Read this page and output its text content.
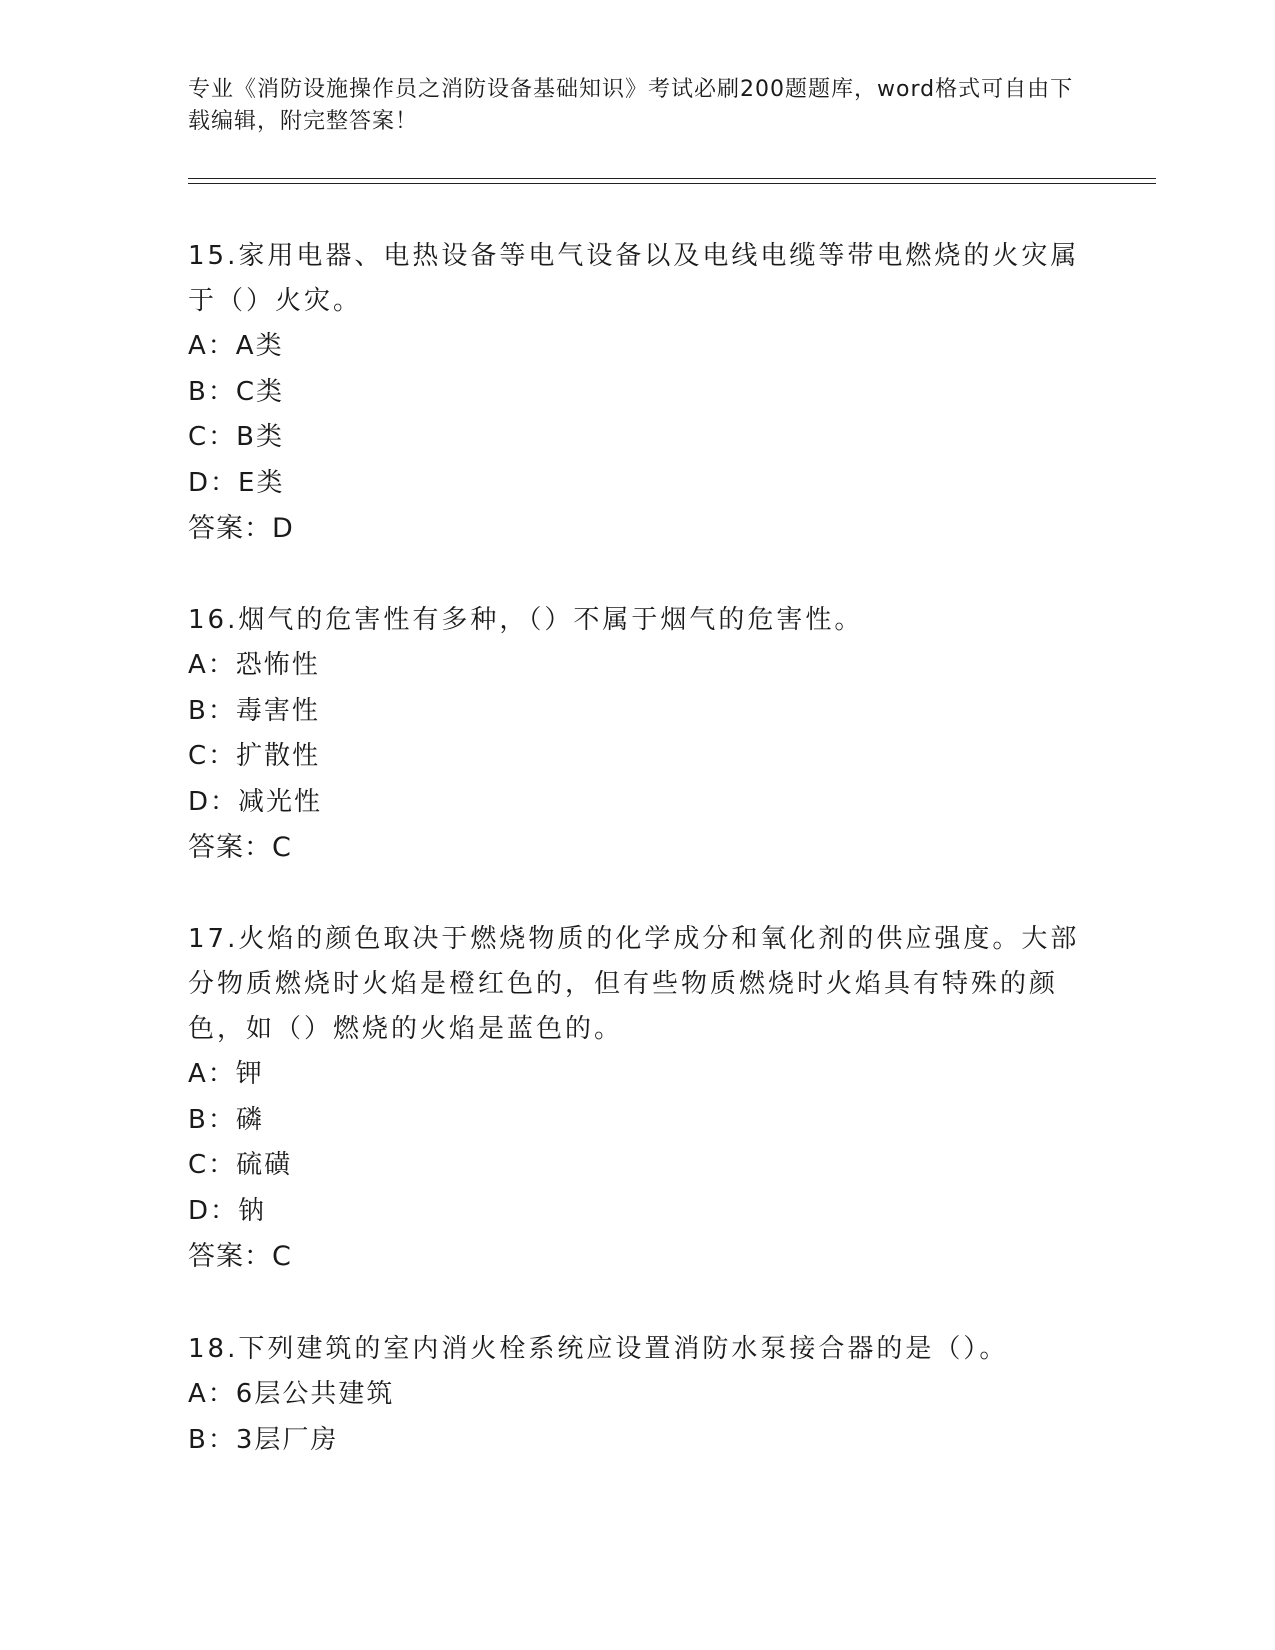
专业《消防设施操作员之消防设备基础知识》考试必刷200题题库，word格式可自由下载编辑，附完整答案！

15.家用电器、电热设备等电气设备以及电线电缆等带电燃烧的火灾属于（）火灾。

A：A类

B：C类

C：B类

D：E类

答案：D

16.烟气的危害性有多种，（）不属于烟气的危害性。

A：恐怖性

B：毒害性

C：扩散性

D：减光性

答案：C

17.火焰的颜色取决于燃烧物质的化学成分和氧化剂的供应强度。大部分物质燃烧时火焰是橙红色的，但有些物质燃烧时火焰具有特殊的颜色，如（）燃烧的火焰是蓝色的。

A：钾

B：磷

C：硫磺

D：钠

答案：C

18.下列建筑的室内消火栓系统应设置消防水泵接合器的是（）。

A：6层公共建筑

B：3层厂房
